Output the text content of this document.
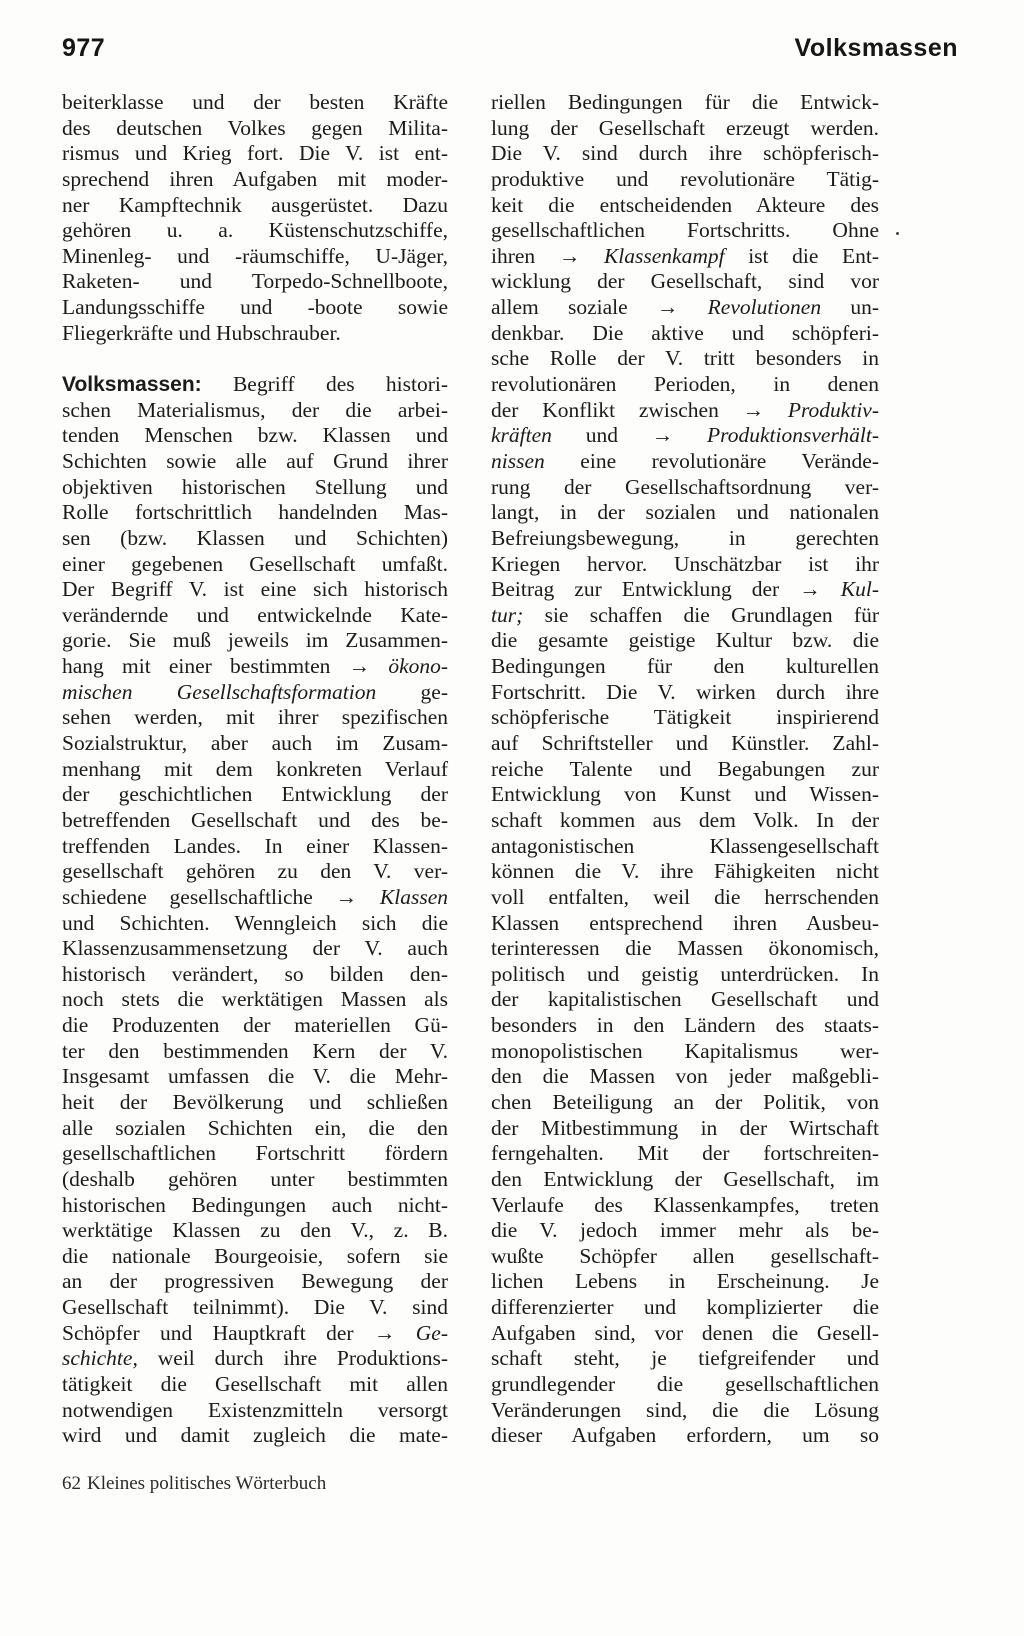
977	Volksmassen
beiterklasse und der besten Kräfte
des deutschen Volkes gegen Milita-
rismus und Krieg fort. Die V. ist ent-
sprechend ihren Aufgaben mit moder-
ner Kampftechnik ausgerüstet. Dazu
gehören u. a. Küstenschutzschiffe,
Minenleg- und -räumschiffe, U-Jäger,
Raketen- und Torpedo-Schnellboote,
Landungsschiffe und -boote sowie
Fliegerkräfte und Hubschrauber.
Volksmassen: Begriff des histori-
schen Materialismus, der die arbei-
tenden Menschen bzw. Klassen und
Schichten sowie alle auf Grund ihrer
objektiven historischen Stellung und
Rolle fortschrittlich handelnden Mas-
sen (bzw. Klassen und Schichten)
einer gegebenen Gesellschaft umfaßt.
Der Begriff V. ist eine sich historisch
verändernde und entwickelnde Kate-
gorie. Sie muß jeweils im Zusammen-
hang mit einer bestimmten → ökono-
mischen Gesellschaftsformation ge-
sehen werden, mit ihrer spezifischen
Sozialstruktur, aber auch im Zusam-
menhang mit dem konkreten Verlauf
der geschichtlichen Entwicklung der
betreffenden Gesellschaft und des be-
treffenden Landes. In einer Klassen-
gesellschaft gehören zu den V. ver-
schiedene gesellschaftliche → Klassen
und Schichten. Wenngleich sich die
Klassenzusammensetzung der V. auch
historisch verändert, so bilden den-
noch stets die werktätigen Massen als
die Produzenten der materiellen Gü-
ter den bestimmenden Kern der V.
Insgesamt umfassen die V. die Mehr-
heit der Bevölkerung und schließen
alle sozialen Schichten ein, die den
gesellschaftlichen Fortschritt fördern
(deshalb gehören unter bestimmten
historischen Bedingungen auch nicht-
werktätige Klassen zu den V., z. B.
die nationale Bourgeoisie, sofern sie
an der progressiven Bewegung der
Gesellschaft teilnimmt). Die V. sind
Schöpfer und Hauptkraft der → Ge-
schichte, weil durch ihre Produktions-
tätigkeit die Gesellschaft mit allen
notwendigen Existenzmitteln versorgt
wird und damit zugleich die mate-
riellen Bedingungen für die Entwick-
lung der Gesellschaft erzeugt werden.
Die V. sind durch ihre schöpferisch-
produktive und revolutionäre Tätig-
keit die entscheidenden Akteure des
gesellschaftlichen Fortschritts. Ohne
ihren → Klassenkampf ist die Ent-
wicklung der Gesellschaft, sind vor
allem soziale → Revolutionen un-
denkbar. Die aktive und schöpferi-
sche Rolle der V. tritt besonders in
revolutionären Perioden, in denen
der Konflikt zwischen → Produktiv-
kräften und → Produktionsverhält-
nissen eine revolutionäre Verände-
rung der Gesellschaftsordnung ver-
langt, in der sozialen und nationalen
Befreiungsbewegung, in gerechten
Kriegen hervor. Unschätzbar ist ihr
Beitrag zur Entwicklung der → Kul-
tur; sie schaffen die Grundlagen für
die gesamte geistige Kultur bzw. die
Bedingungen für den kulturellen
Fortschritt. Die V. wirken durch ihre
schöpferische Tätigkeit inspirierend
auf Schriftsteller und Künstler. Zahl-
reiche Talente und Begabungen zur
Entwicklung von Kunst und Wissen-
schaft kommen aus dem Volk. In der
antagonistischen Klassengesellschaft
können die V. ihre Fähigkeiten nicht
voll entfalten, weil die herrschenden
Klassen entsprechend ihren Ausbeu-
terinteressen die Massen ökonomisch,
politisch und geistig unterdrücken. In
der kapitalistischen Gesellschaft und
besonders in den Ländern des staats-
monopolistischen Kapitalismus wer-
den die Massen von jeder maßgebli-
chen Beteiligung an der Politik, von
der Mitbestimmung in der Wirtschaft
ferngehalten. Mit der fortschreiten-
den Entwicklung der Gesellschaft, im
Verlaufe des Klassenkampfes, treten
die V. jedoch immer mehr als be-
wußte Schöpfer allen gesellschaft-
lichen Lebens in Erscheinung. Je
differenzierter und komplizierter die
Aufgaben sind, vor denen die Gesell-
schaft steht, je tiefgreifender und
grundlegender die gesellschaftlichen
Veränderungen sind, die die Lösung
dieser Aufgaben erfordern, um so
62 Kleines politisches Wörterbuch
